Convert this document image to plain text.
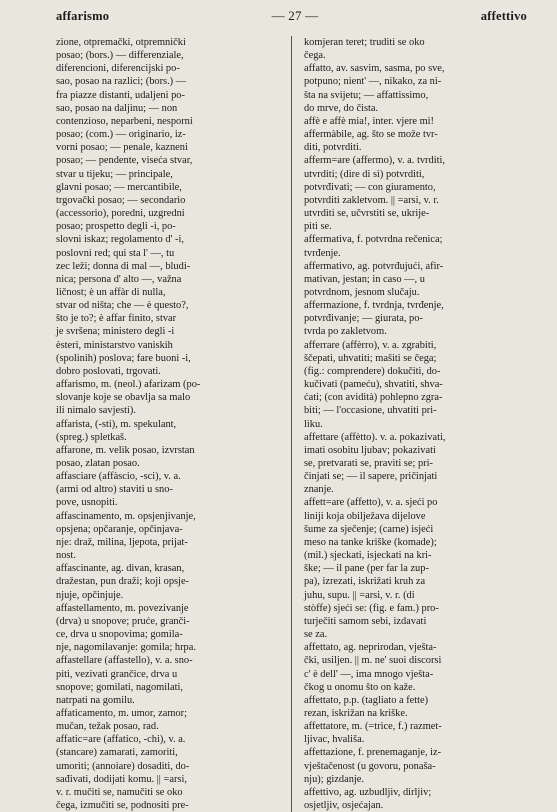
affarismo	— 27 —	affettivo

zione, otpremački, otpremnički

posao; (bors.) — differenziale,

diferencioni, diferencijski po-

sao, posao na razlici; (bors.) —

fra piazze distanti, udaljeni po-

sao, posao na daljinu; — non

contenzioso, neparbeni, nesporni

posao; (com.) — originario, iz-

vorni posao; — penale, kazneni

posao; — pendente, viseća stvar,

stvar u tijeku; — principale,

glavni posao; — mercantibile,

trgovački posao; — secondario

(accessorio), poredni, uzgredni

posao; prospetto degli -i, po-

slovni iskaz; regolamento d' -i,

poslovni red; qui sta l' —, tu

zec leži; donna di mal —, bludi-

nica; persona d' alto —, važna

ličnost; è un affàr di nulla,

stvar od ništa; che — è questo?,

što je to?; è affar finito, stvar

je svršena; ministero degli -i

èsteri, ministarstvo vaniskih

(spolinih) poslova; fare buoni -i,

dobro poslovati, trgovati.

affarismo, m. (neol.) afarizam (po-

slovanje koje se obavlja sa malo

ili nimalo savjesti).

affarista, (-sti), m. spekulant,

(spreg.) spletkaš.

affarone, m. velik posao, izvrstan

posao, zlatan posao.

affasciare (affàscio, -sci), v. a.

(armi od altro) staviti u sno-

pove, usnopiti.

affascinamento, m. opsjenjivanje,

opsjena; opčaranje, opčinjava-

nje: draž, milina, ljepota, prijat-

nost.

affascinante, ag. divan, krasan,

dražestan, pun draži; koji opsje-

njuje, opčinjuje.

affastellamento, m. povezivanje

(drva) u snopove; pruće, granči-

ce, drva u snopovima; gomila-

nje, nagomilavanje: gomila; hrpa.

affastellare (affastello), v. a. sno-

piti, vezivati grančice, drva u

snopove; gomilati, nagomilati,

natrpati na gomilu.

affaticamento, m. umor, zamor;

mučan, težak posao, rad.

affatic=are (affatico, -chi), v. a.

(stancare) zamarati, zamoriti,

umoriti; (annoiare) dosaditi, do-

sađivati, dodijati komu. || =arsi,

v. r. mučiti se, namučiti se oko

čega, izmučiti se, podnositi pre-

komjeran teret; truditi se oko

čega.

affatto, av. sasvim, sasma, po sve,

potpuno; nient' —, nikako, za ni-

šta na svijetu; — affattissimo,

do mrve, do čista.

affè e affè mia!, inter. vjere mi!

affermàbile, ag. što se može tvr-

diti, potvrditi.

afferm=are (affermo), v. a. tvrditi,

utvrditi; (dire di sì) potvrditi,

potvrđivati; — con giuramento,

potvrditi zakletvom. || =arsi, v. r.

utvrditi se, učvrstiti se, ukrije-

piti se.

affermativa, f. potvrdna rečenica;

tvrđenje.

affermativo, ag. potvrđujući, afir-

mativan, jestan; in caso —, u

potvrdnom, jesnom slučaju.

affermazione, f. tvrdnja, tvrđenje,

potvrđivanje; — giurata, po-

tvrda po zakletvom.

afferrare (affèrro), v. a. zgrabiti,

ščepati, uhvatiti; mašiti se čega;

(fig.: comprendere) dokučiti, do-

kučivati (pameću), shvatiti, shva-

ćati; (con avidità) pohlepno zgra-

biti; — l'occasione, uhvatiti pri-

liku.

affettare (affètto). v. a. pokazivati,

imati osobitu ljubav; pokazivati

se, pretvarati se, praviti se; pri-

činjati se; — il sapere, pričinjati

znanje.

affett=are (affetto), v. a. sjeći po

liniji koja obilježava dijelove

šume za sječenje; (carne) isjeći

meso na tanke kriške (komade);

(mil.) sjeckati, isjeckati na kri-

ške; — il pane (per far la zup-

pa), izrezati, iskrižati kruh za

juhu, supu. || =arsi, v. r. (di

stòffe) sjeći se: (fig. e fam.) pro-

turječiti samom sebi, izdavati

se za.

affettato, ag. neprirodan, vješta-

čki, usiljen. || m. ne' suoi discorsi

c' è dell' —, ima mnogo vješta-

čkog u onomu što on kaže.

affettato, p.p. (tagliato a fette)

rezan, iskrižan na kriške.

affettatore, m. (=trice, f.) razmet-

ljivac, hvališa.

affettazione, f. prenemaganje, iz-

vještačenost (u govoru, ponaša-

nju); gizdanje.

affettivo, ag. uzbudljiv, dirljiv;

osjetljiv, osjećajan.
